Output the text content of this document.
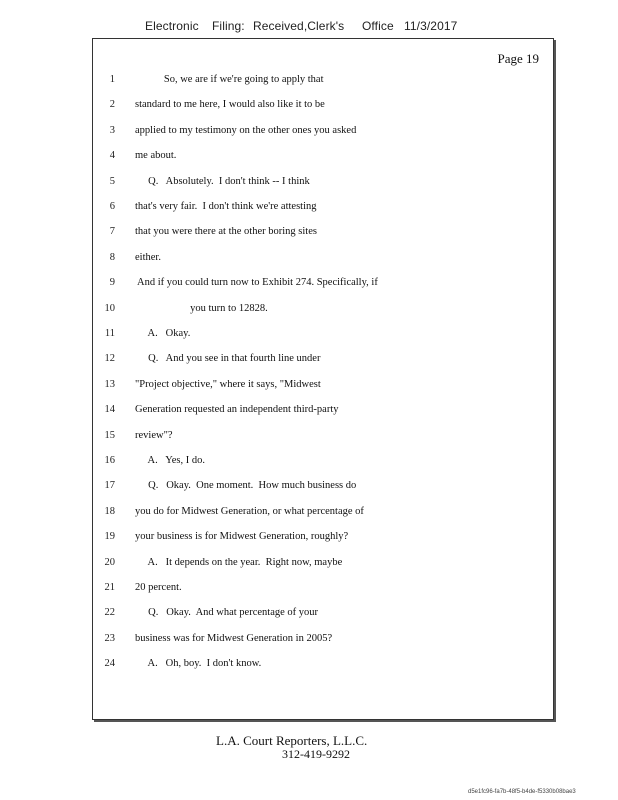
Electronic

Filing:

Received,Clerk's

Office

11/3/2017

Page 19
1 So, we are if we're going to apply that
2 standard to me here, I would also like it to be
3 applied to my testimony on the other ones you asked
4 me about.
5 Q.   Absolutely.  I don't think -- I think
6 that's very fair.  I don't think we're attesting
7 that you were there at the other boring sites
8 either.
9 And if you could turn now to Exhibit 274. Specifically, if
10 you turn to 12828.
11 A.   Okay.
12 Q.   And you see in that fourth line under
13 "Project objective," where it says, "Midwest
14 Generation requested an independent third-party
15 review"?
16 A.   Yes, I do.
17 Q.   Okay.  One moment.  How much business do
18 you do for Midwest Generation, or what percentage of
19 your business is for Midwest Generation, roughly?
20 A.   It depends on the year.  Right now, maybe
21 20 percent.
22 Q.   Okay.  And what percentage of your
23 business was for Midwest Generation in 2005?
24 A.   Oh, boy.  I don't know.
L.A. Court Reporters, L.L.C.
312-419-9292
d5e1fc96-fa7b-48f5-b4de-f5330b08bae3
